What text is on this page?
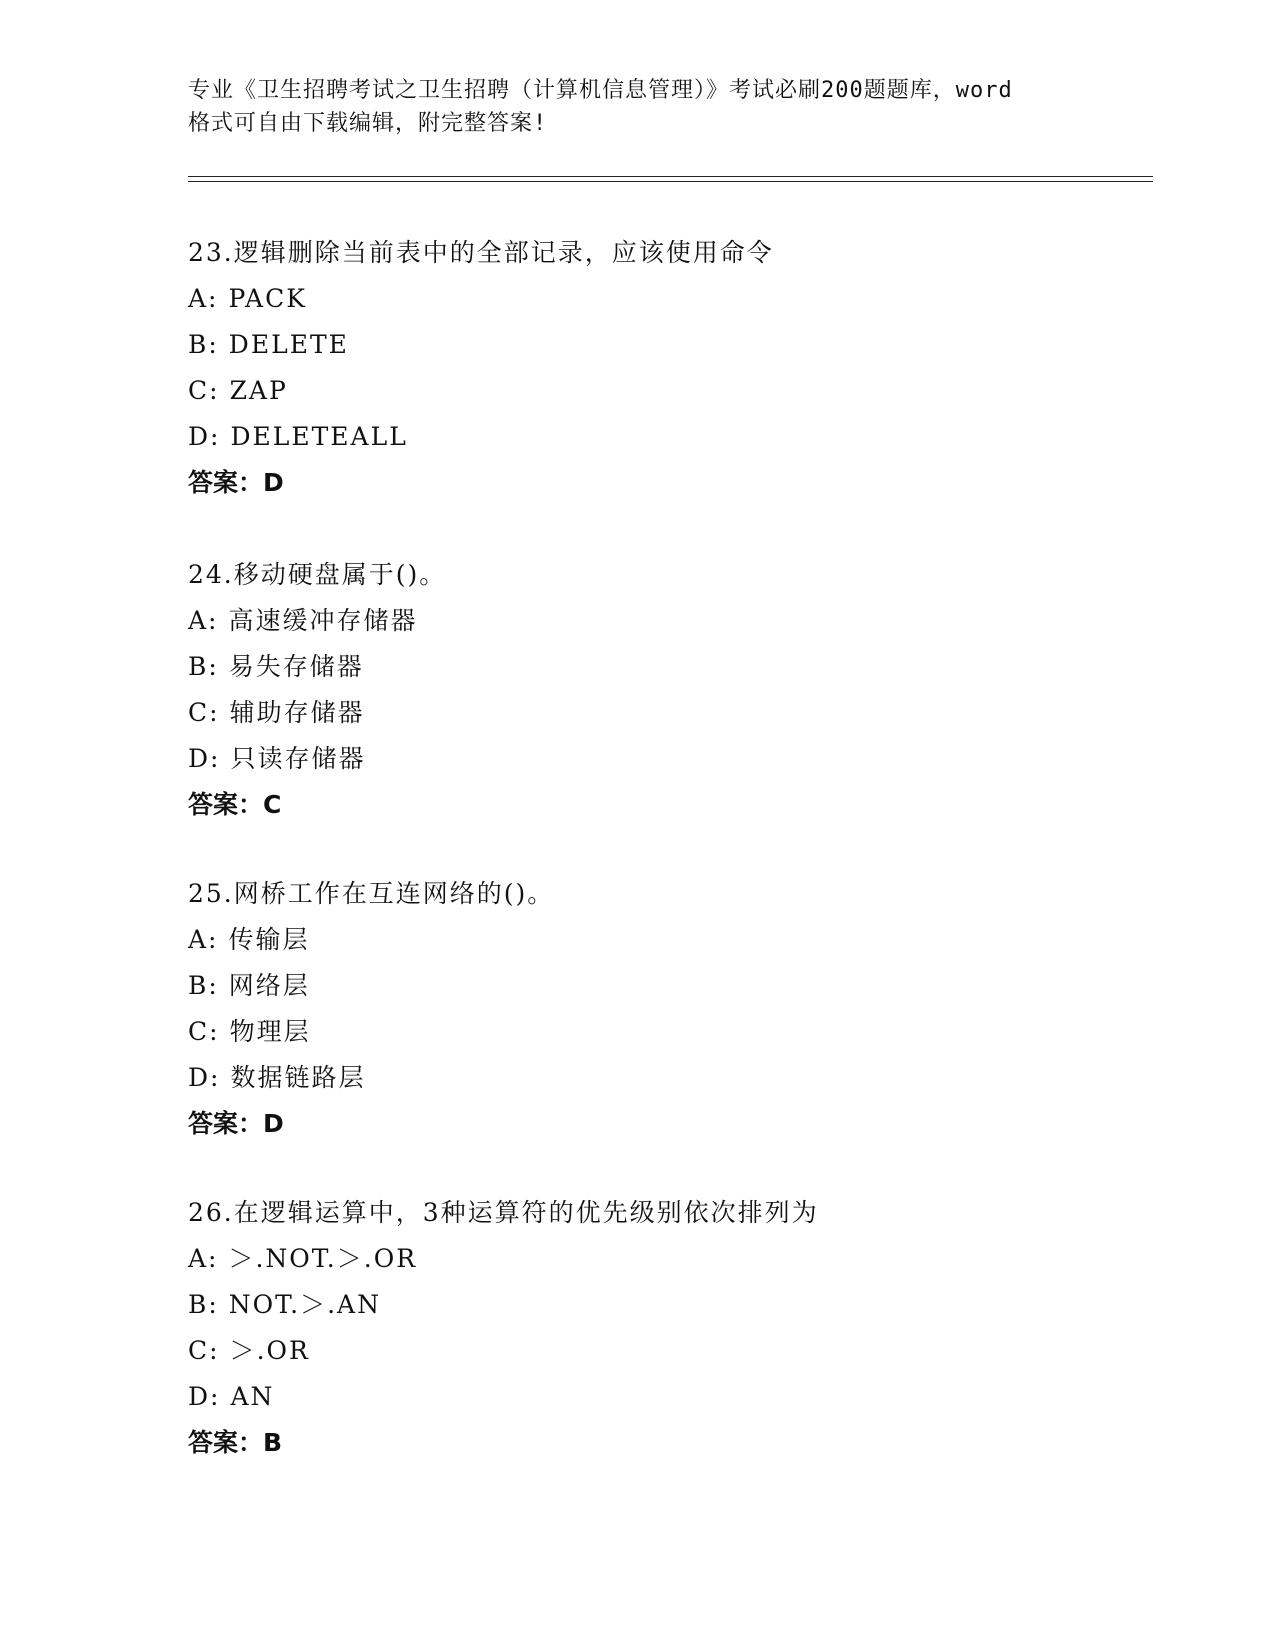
专业《卫生招聘考试之卫生招聘（计算机信息管理）》考试必刷200题题库，word
格式可自由下载编辑，附完整答案!
23.逻辑删除当前表中的全部记录，应该使用命令
A: PACK
B: DELETE
C: ZAP
D: DELETEALL
答案：D
24.移动硬盘属于()。
A: 高速缓冲存储器
B: 易失存储器
C: 辅助存储器
D: 只读存储器
答案：C
25.网桥工作在互连网络的()。
A: 传输层
B: 网络层
C: 物理层
D: 数据链路层
答案：D
26.在逻辑运算中，3种运算符的优先级别依次排列为
A: ＞.NOT.＞.OR
B: NOT.＞.AN
C: ＞.OR
D: AN
答案：B
